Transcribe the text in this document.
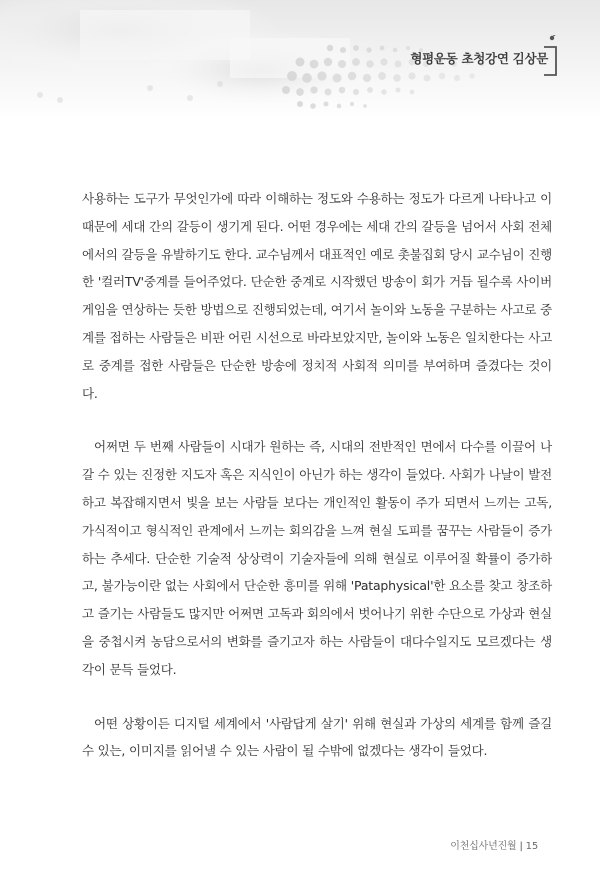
형평운동 초청강연 김상문

사용하는 도구가 무엇인가에 따라 이해하는 정도와 수용하는 정도가 다르게 나타나고 이 때문에 세대 간의 갈등이 생기게 된다. 어떤 경우에는 세대 간의 갈등을 넘어서 사회 전체에서의 갈등을 유발하기도 한다. 교수님께서 대표적인 예로 촛불집회 당시 교수님이 진행한 '컬러TV'중계를 들어주었다. 단순한 중계로 시작했던 방송이 회가 거듭 될수록 사이버 게임을 연상하는 듯한 방법으로 진행되었는데, 여기서 놀이와 노동을 구분하는 사고로 중계를 접하는 사람들은 비판 어린 시선으로 바라보았지만, 놀이와 노동은 일치한다는 사고로 중계를 접한 사람들은 단순한 방송에 정치적 사회적 의미를 부여하며 즐겼다는 것이다.

어쩌면 두 번째 사람들이 시대가 원하는 즉, 시대의 전반적인 면에서 다수를 이끌어 나갈 수 있는 진정한 지도자 혹은 지식인이 아닌가 하는 생각이 들었다. 사회가 나날이 발전하고 복잡해지면서 빛을 보는 사람들 보다는 개인적인 활동이 주가 되면서 느끼는 고독, 가식적이고 형식적인 관계에서 느끼는 회의감을 느껴 현실 도피를 꿈꾸는 사람들이 증가하는 추세다. 단순한 기술적 상상력이 기술자들에 의해 현실로 이루어질 확률이 증가하고, 불가능이란 없는 사회에서 단순한 흥미를 위해 'Pataphysical'한 요소를 찾고 창조하고 즐기는 사람들도 많지만 어쩌면 고독과 회의에서 벗어나기 위한 수단으로 가상과 현실을 중첩시켜 농담으로서의 변화를 즐기고자 하는 사람들이 대다수일지도 모르겠다는 생각이 문득 들었다.

어떤 상황이든 디지털 세계에서 '사람답게 살기' 위해 현실과 가상의 세계를 함께 즐길 수 있는, 이미지를 읽어낼 수 있는 사람이 될 수밖에 없겠다는 생각이 들었다.

이천십사년진월 | 15
